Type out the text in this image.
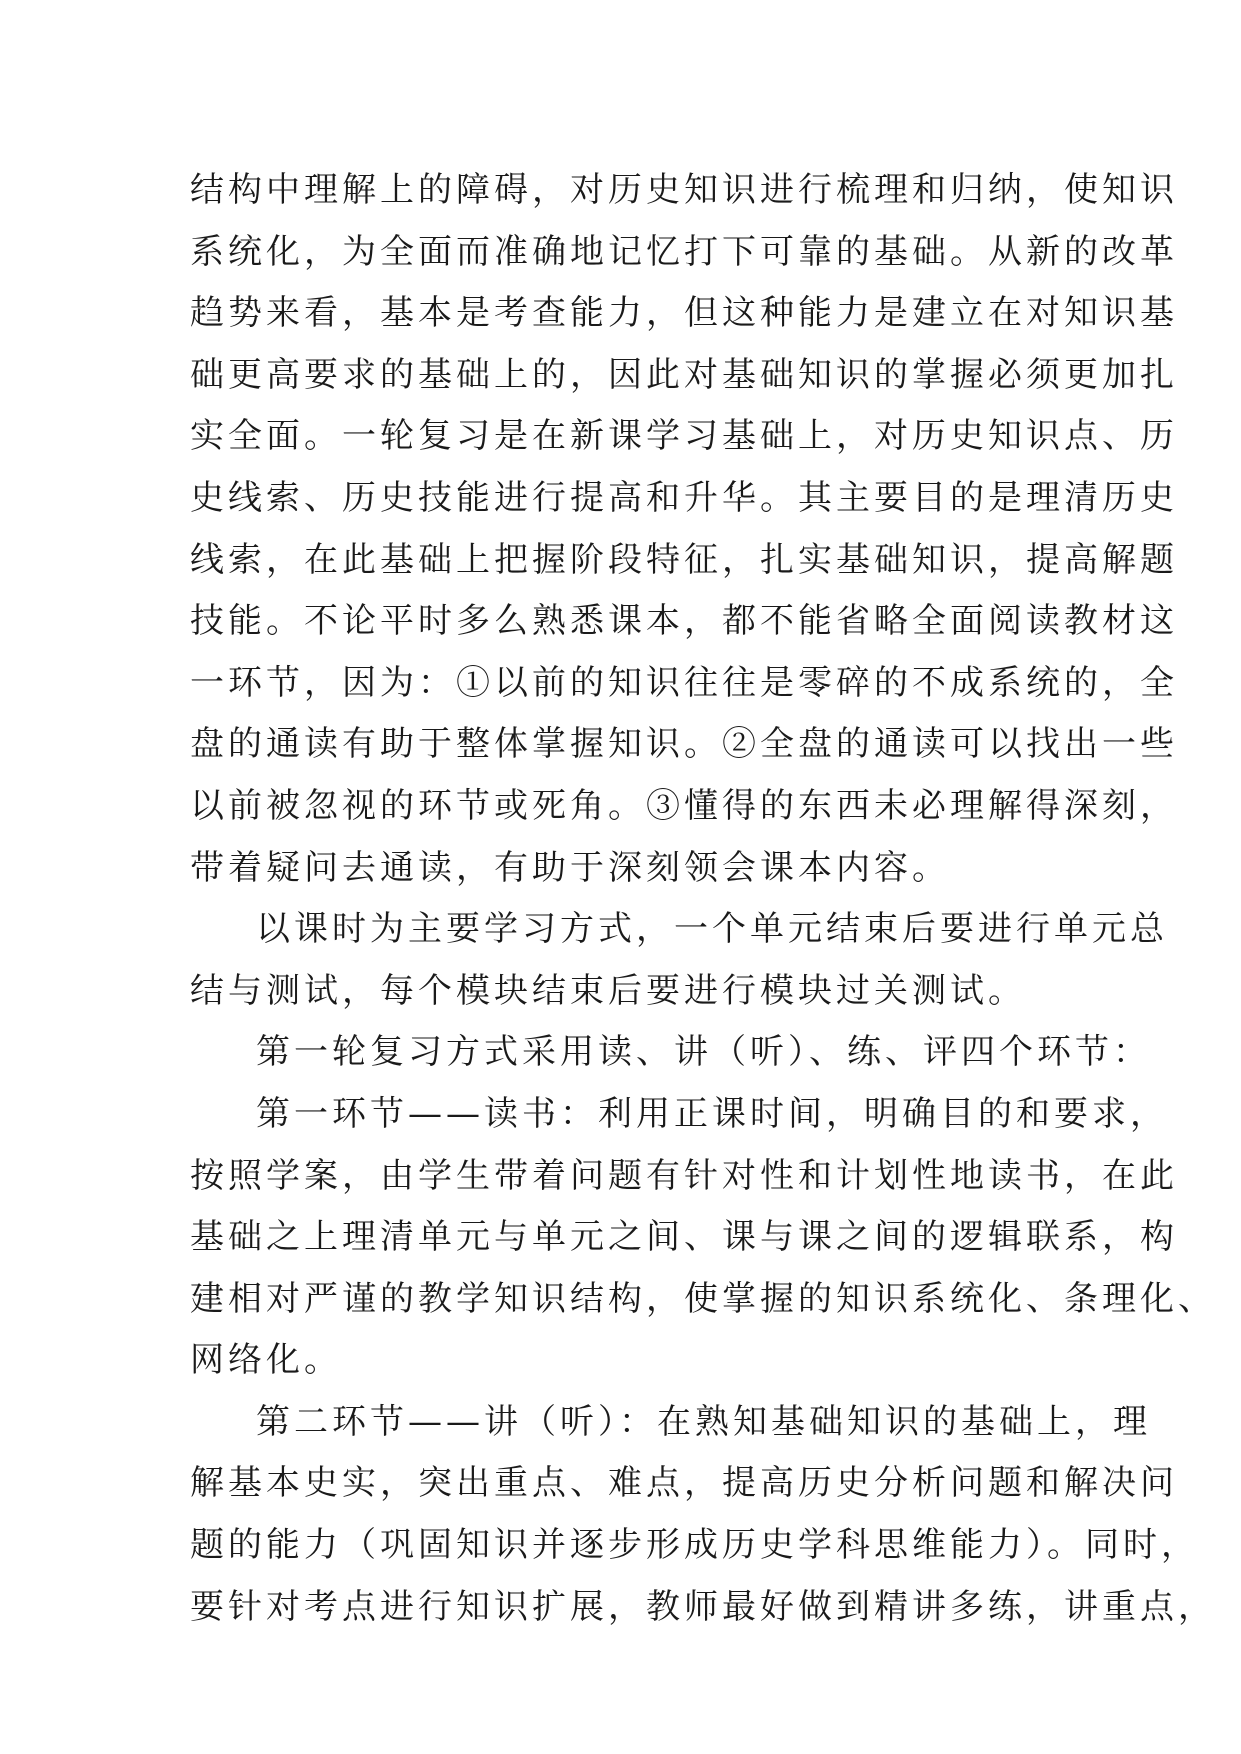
结构中理解上的障碍，对历史知识进行梳理和归纳，使知识
系统化，为全面而准确地记忆打下可靠的基础。从新的改革
趋势来看，基本是考查能力，但这种能力是建立在对知识基
础更高要求的基础上的，因此对基础知识的掌握必须更加扎
实全面。一轮复习是在新课学习基础上，对历史知识点、历
史线索、历史技能进行提高和升华。其主要目的是理清历史
线索，在此基础上把握阶段特征，扎实基础知识，提高解题
技能。不论平时多么熟悉课本，都不能省略全面阅读教材这
一环节，因为：①以前的知识往往是零碎的不成系统的，全
盘的通读有助于整体掌握知识。②全盘的通读可以找出一些
以前被忽视的环节或死角。③懂得的东西未必理解得深刻，
带着疑问去通读，有助于深刻领会课本内容。
以课时为主要学习方式，一个单元结束后要进行单元总
结与测试，每个模块结束后要进行模块过关测试。
第一轮复习方式采用读、讲（听）、练、评四个环节：
第一环节——读书：利用正课时间，明确目的和要求，
按照学案，由学生带着问题有针对性和计划性地读书，在此
基础之上理清单元与单元之间、课与课之间的逻辑联系，构
建相对严谨的教学知识结构，使掌握的知识系统化、条理化、
网络化。
第二环节——讲（听）：在熟知基础知识的基础上，理
解基本史实，突出重点、难点，提高历史分析问题和解决问
题的能力（巩固知识并逐步形成历史学科思维能力）。同时，
要针对考点进行知识扩展，教师最好做到精讲多练，讲重点，
